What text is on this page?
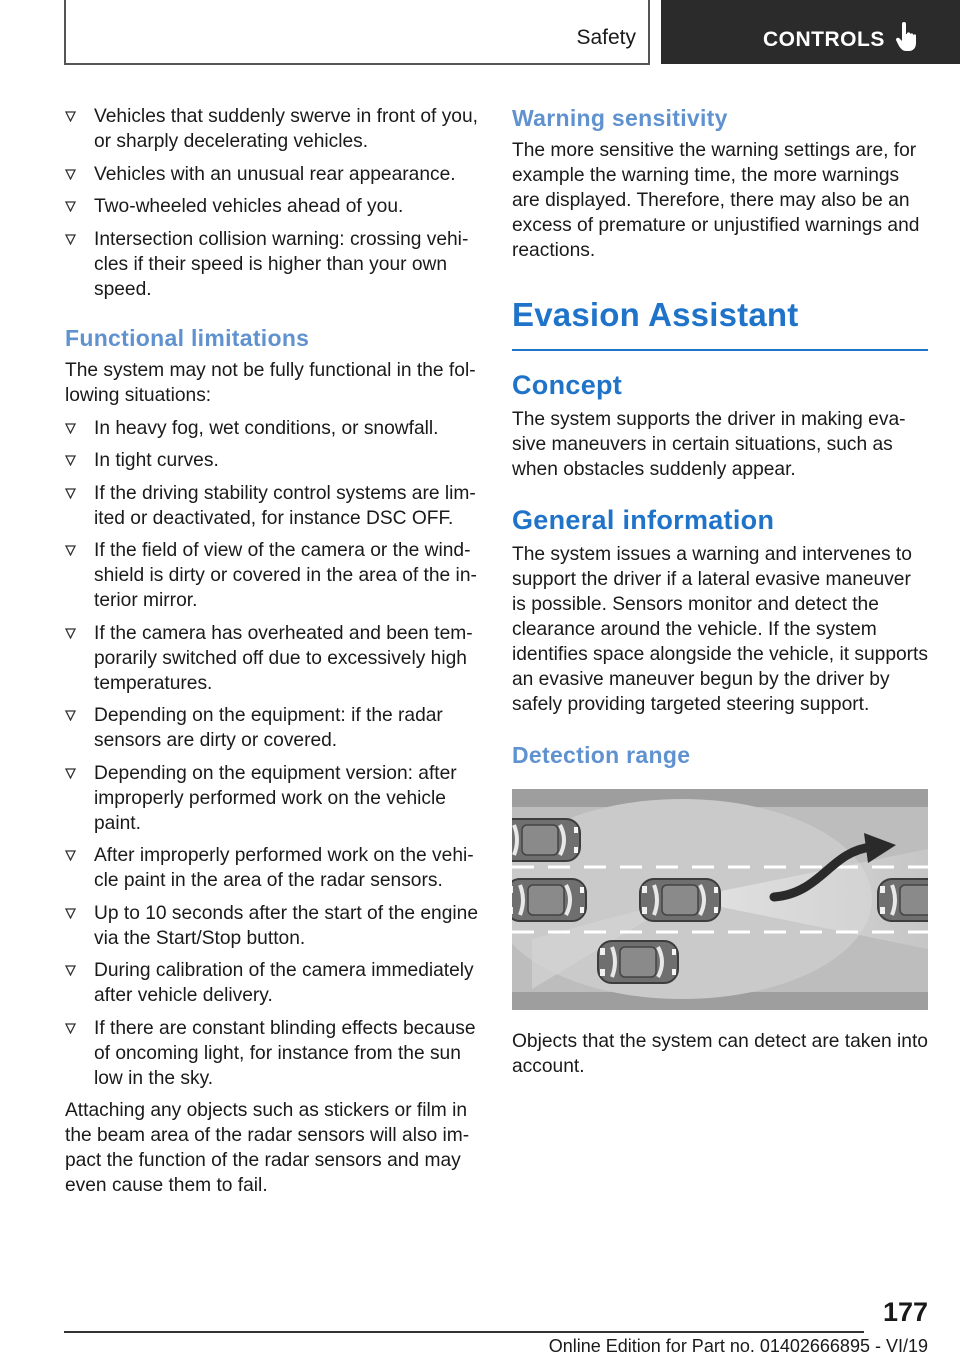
Safety	CONTROLS
Vehicles that suddenly swerve in front of you, or sharply decelerating vehicles.
Vehicles with an unusual rear appearance.
Two-wheeled vehicles ahead of you.
Intersection collision warning: crossing vehicles if their speed is higher than your own speed.
Functional limitations

The system may not be fully functional in the following situations:

In heavy fog, wet conditions, or snowfall.
In tight curves.
If the driving stability control systems are limited or deactivated, for instance DSC OFF.
If the field of view of the camera or the windshield is dirty or covered in the area of the interior mirror.
If the camera has overheated and been temporarily switched off due to excessively high temperatures.
Depending on the equipment: if the radar sensors are dirty or covered.
Depending on the equipment version: after improperly performed work on the vehicle paint.
After improperly performed work on the vehicle paint in the area of the radar sensors.
Up to 10 seconds after the start of the engine via the Start/Stop button.
During calibration of the camera immediately after vehicle delivery.
If there are constant blinding effects because of oncoming light, for instance from the sun low in the sky.

Attaching any objects such as stickers or film in the beam area of the radar sensors will also impact the function of the radar sensors and may even cause them to fail.

Warning sensitivity

The more sensitive the warning settings are, for example the warning time, the more warnings are displayed. Therefore, there may also be an excess of premature or unjustified warnings and reactions.

Evasion Assistant
Concept

The system supports the driver in making evasive maneuvers in certain situations, such as when obstacles suddenly appear.

General information

The system issues a warning and intervenes to support the driver if a lateral evasive maneuver is possible. Sensors monitor and detect the clearance around the vehicle. If the system identifies space alongside the vehicle, it supports an evasive maneuver begun by the driver by safely providing targeted steering support.

Detection range

Objects that the system can detect are taken into account.

177
Online Edition for Part no. 01402666895 - VI/19
